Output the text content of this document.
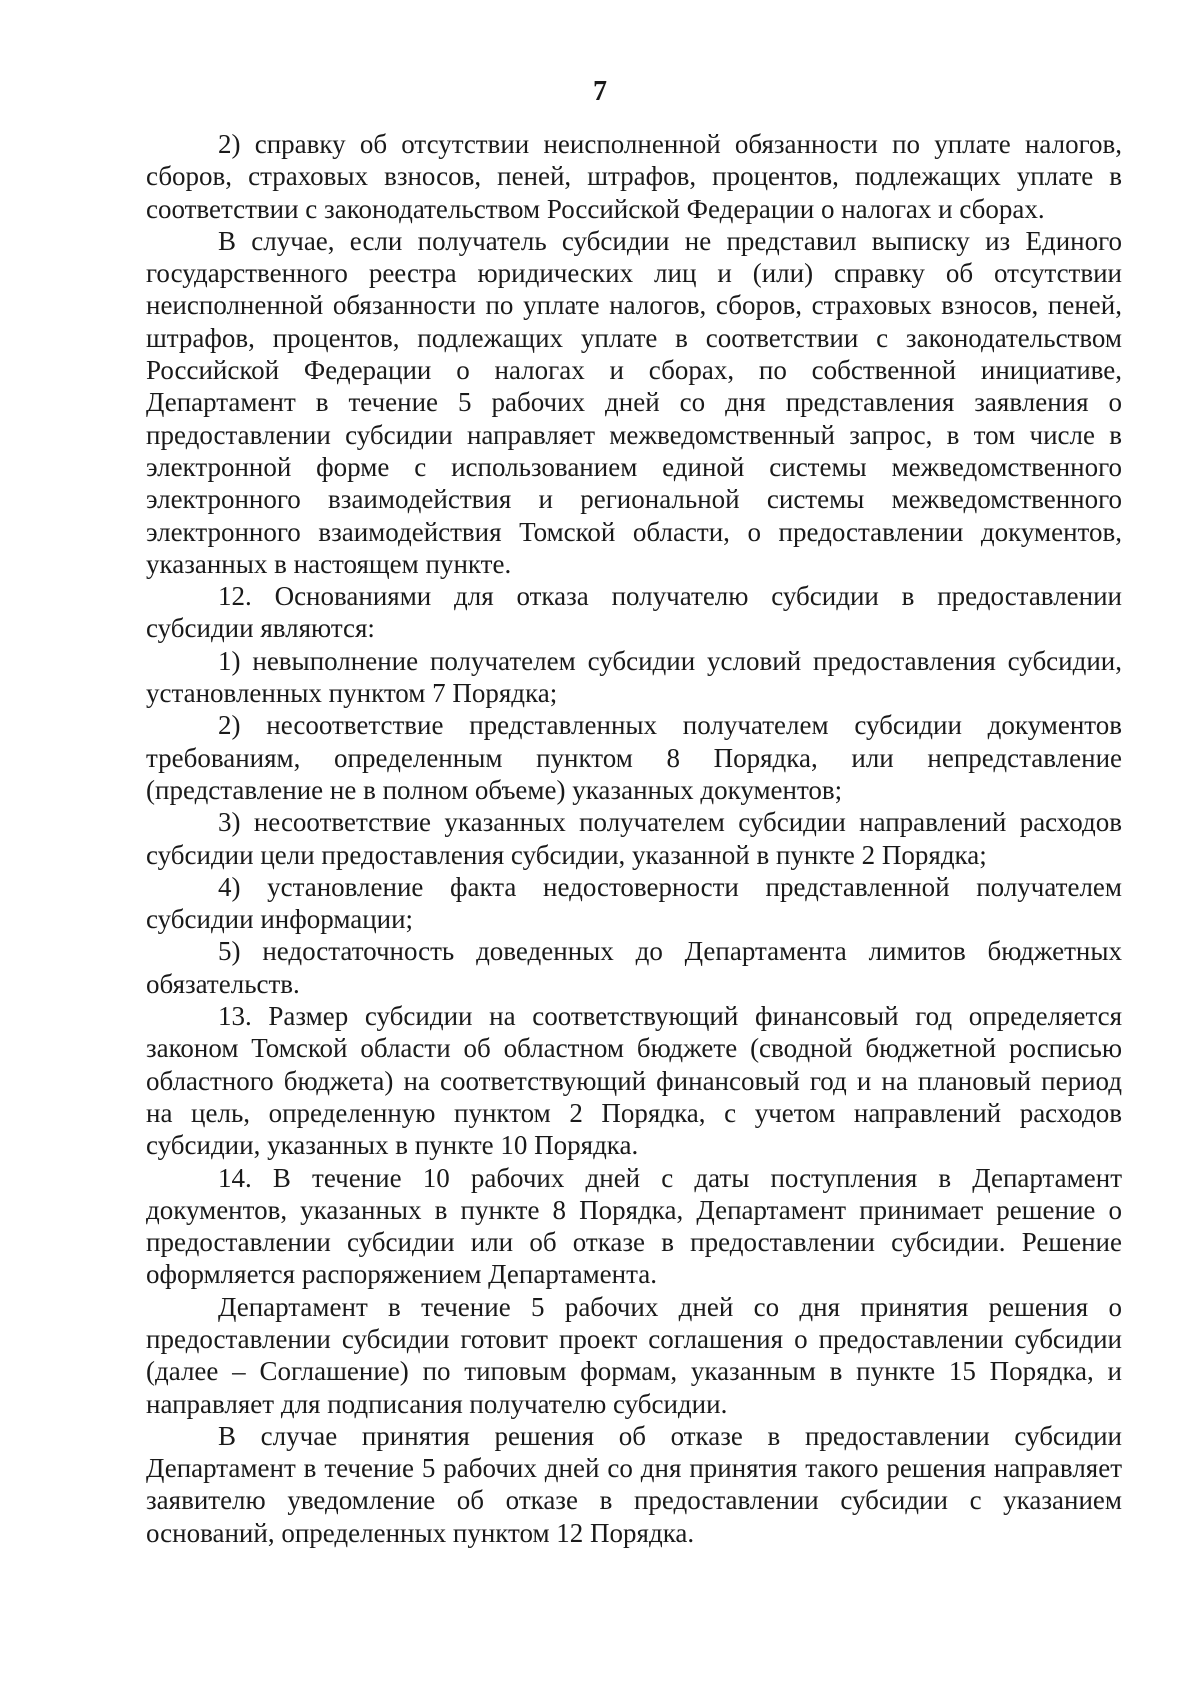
7

2) справку об отсутствии неисполненной обязанности по уплате налогов, сборов, страховых взносов, пеней, штрафов, процентов, подлежащих уплате в соответствии с законодательством Российской Федерации о налогах и сборах.

В случае, если получатель субсидии не представил выписку из Единого государственного реестра юридических лиц и (или) справку об отсутствии неисполненной обязанности по уплате налогов, сборов, страховых взносов, пеней, штрафов, процентов, подлежащих уплате в соответствии с законодательством Российской Федерации о налогах и сборах, по собственной инициативе, Департамент в течение 5 рабочих дней со дня представления заявления о предоставлении субсидии направляет межведомственный запрос, в том числе в электронной форме с использованием единой системы межведомственного электронного взаимодействия и региональной системы межведомственного электронного взаимодействия Томской области, о предоставлении документов, указанных в настоящем пункте.

12. Основаниями для отказа получателю субсидии в предоставлении субсидии являются:

1) невыполнение получателем субсидии условий предоставления субсидии, установленных пунктом 7 Порядка;

2) несоответствие представленных получателем субсидии документов требованиям, определенным пунктом 8 Порядка, или непредставление (представление не в полном объеме) указанных документов;

3) несоответствие указанных получателем субсидии направлений расходов субсидии цели предоставления субсидии, указанной в пункте 2 Порядка;

4) установление факта недостоверности представленной получателем субсидии информации;

5) недостаточность доведенных до Департамента лимитов бюджетных обязательств.

13. Размер субсидии на соответствующий финансовый год определяется законом Томской области об областном бюджете (сводной бюджетной росписью областного бюджета) на соответствующий финансовый год и на плановый период на цель, определенную пунктом 2 Порядка, с учетом направлений расходов субсидии, указанных в пункте 10 Порядка.

14. В течение 10 рабочих дней с даты поступления в Департамент документов, указанных в пункте 8 Порядка, Департамент принимает решение о предоставлении субсидии или об отказе в предоставлении субсидии. Решение оформляется распоряжением Департамента.

Департамент в течение 5 рабочих дней со дня принятия решения о предоставлении субсидии готовит проект соглашения о предоставлении субсидии (далее – Соглашение) по типовым формам, указанным в пункте 15 Порядка, и направляет для подписания получателю субсидии.

В случае принятия решения об отказе в предоставлении субсидии Департамент в течение 5 рабочих дней со дня принятия такого решения направляет заявителю уведомление об отказе в предоставлении субсидии с указанием оснований, определенных пунктом 12 Порядка.
